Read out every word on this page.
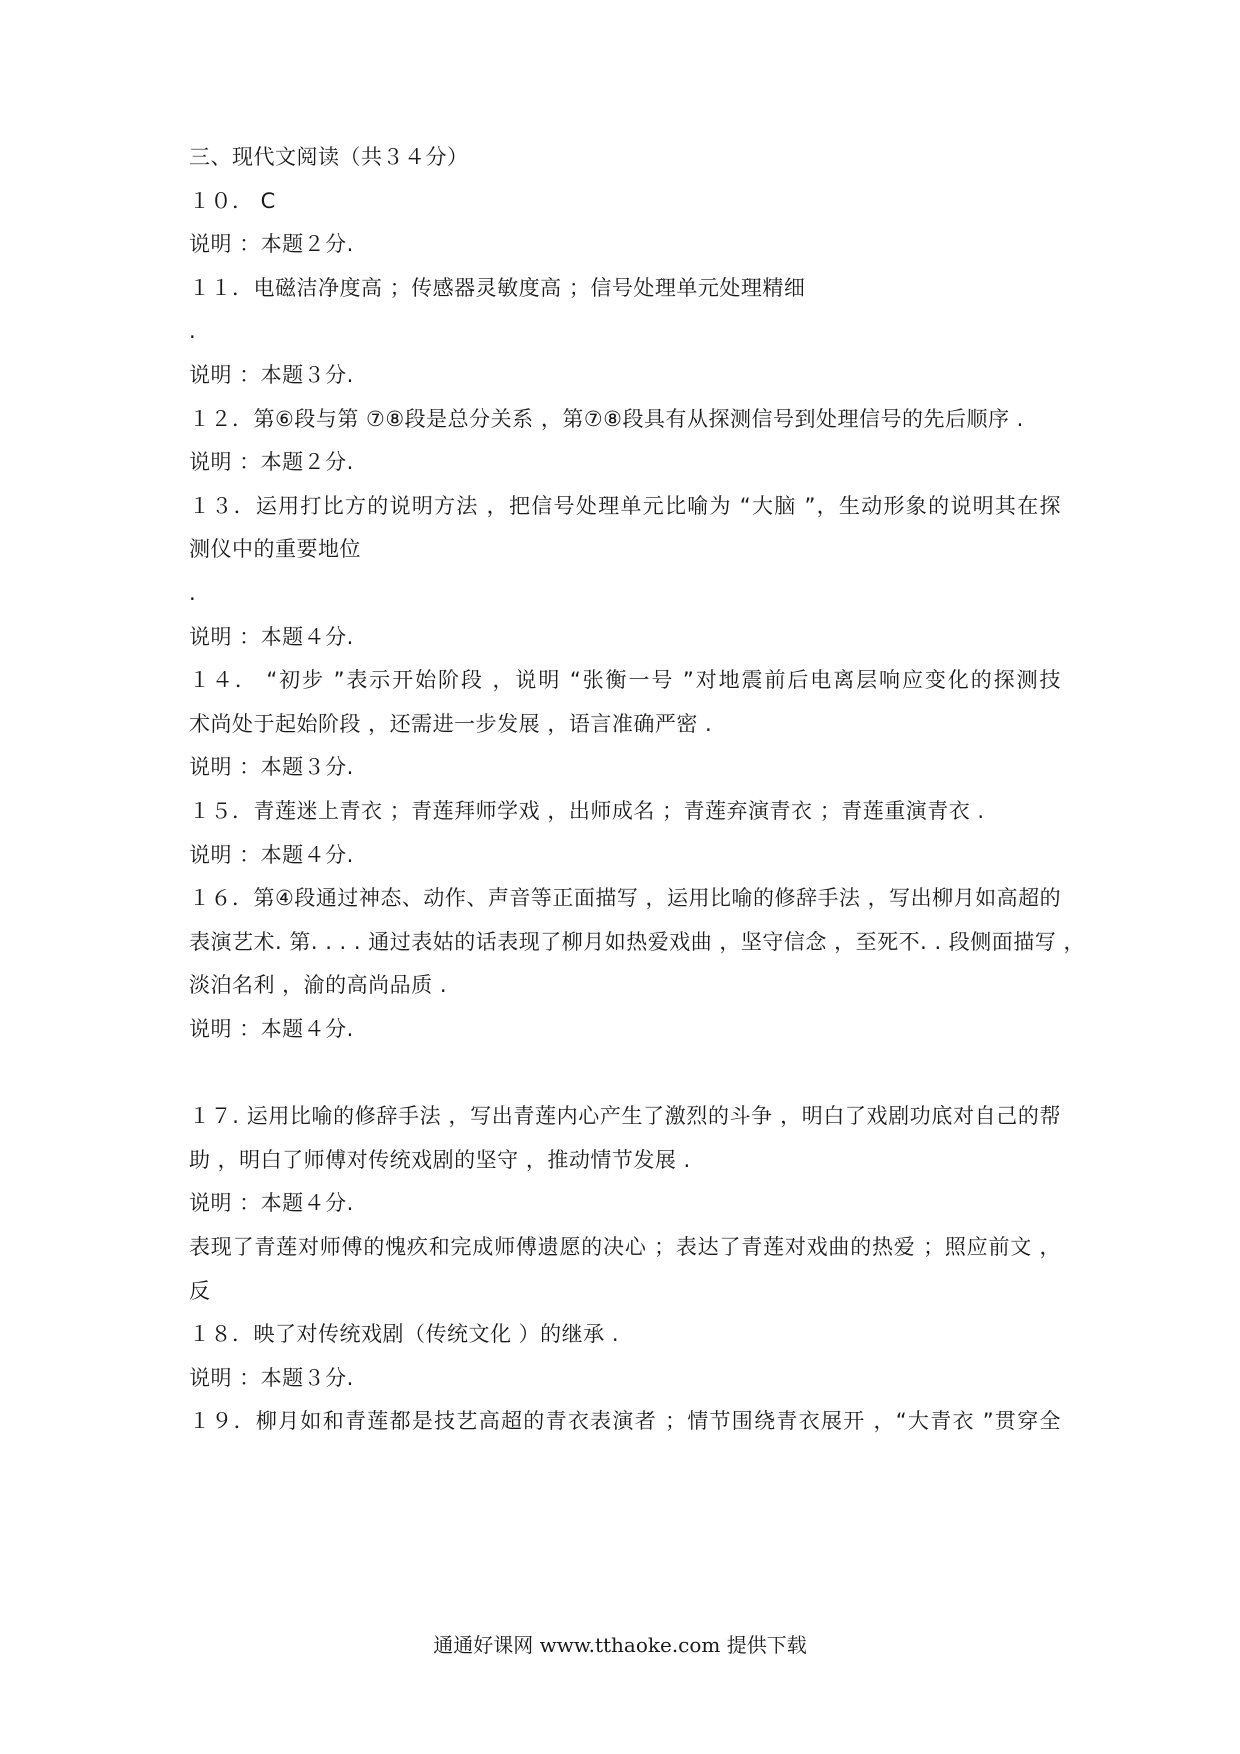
三、现代文阅读（共３４分）
１０． C
说明 ：本题２分.
１１．电磁洁净度高 ；传感器灵敏度高 ；信号处理单元处理精细
.
说明 ：本题３分.
１２．第⑥段与第 ⑦⑧段是总分关系 ，第⑦⑧段具有从探测信号到处理信号的先后顺序 .
说明 ：本题２分.
１３．运用打比方的说明方法 ，把信号处理单元比喻为 “大脑 ”，生动形象的说明其在探
测仪中的重要地位
.
说明 ：本题４分.
１４． “初步 ”表示开始阶段 ，说明 “张衡一号 ”对地震前后电离层响应变化的探测技
术尚处于起始阶段 ，还需进一步发展 ，语言准确严密 .
说明 ：本题３分.
１５．青莲迷上青衣 ；青莲拜师学戏 ，出师成名 ；青莲弃演青衣 ；青莲重演青衣 .
说明 ：本题４分.
１６．第④段通过神态、动作、声音等正面描写 ，运用比喻的修辞手法 ，写出柳月如高超的
表演艺术. 第. . . . 通过表姑的话表现了柳月如热爱戏曲 ，坚守信念 ，至死不. . 段侧面描写 ，
淡泊名利 ，渝的高尚品质 .
说明 ：本题４分.
１７. 运用比喻的修辞手法 ，写出青莲内心产生了激烈的斗争 ，明白了戏剧功底对自己的帮
助 ，明白了师傅对传统戏剧的坚守 ，推动情节发展 .
说明 ：本题４分.
表现了青莲对师傅的愧疚和完成师傅遗愿的决心 ；表达了青莲对戏曲的热爱 ；照应前文 ，
反
１８．映了对传统戏剧（传统文化 ）的继承 .
说明 ：本题３分.
１９．柳月如和青莲都是技艺高超的青衣表演者 ；情节围绕青衣展开 ，“大青衣 ”贯穿全
通通好课网 www.tthaoke.com 提供下载
